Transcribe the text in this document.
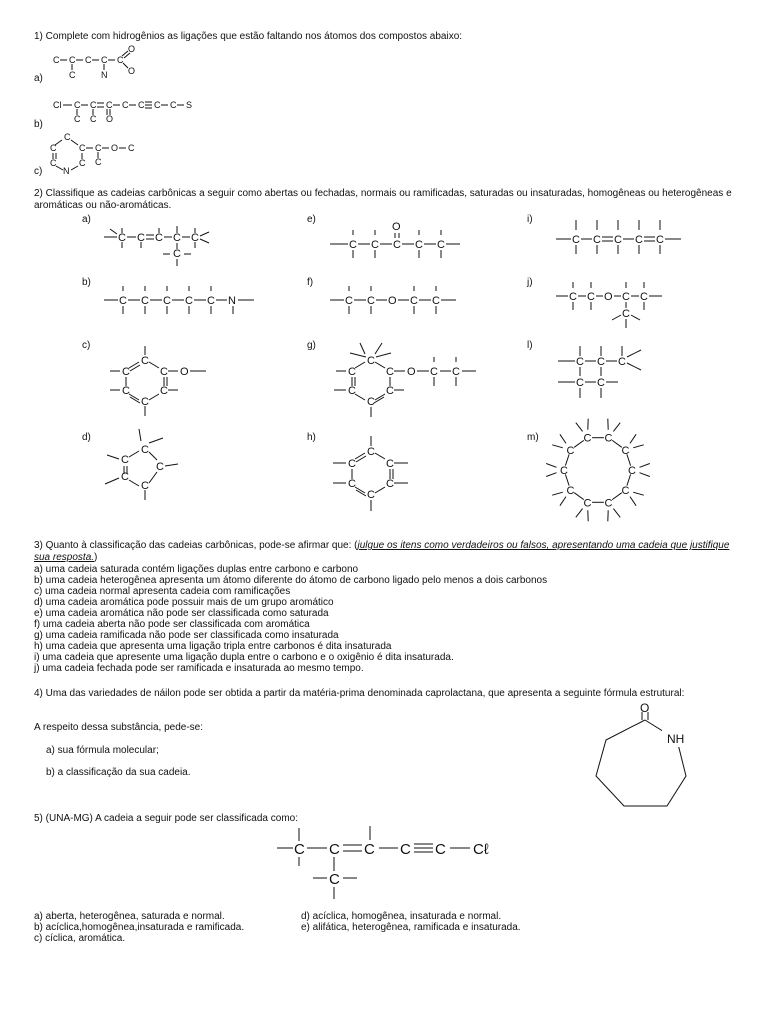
1) Complete com hidrogênios as ligações que estão faltando nos átomos dos compostos abaixo:
a)
b)
c)
C C C C C
O
O
C	N
Cl C C C C C C C S
C C O
C
C	C
C	C
N
C O C
C
2) Classifique as cadeias carbônicas a seguir como abertas ou fechadas, normais ou ramificadas, saturadas ou insaturadas, homogêneas ou heterogêneas e aromáticas ou não-aromáticas.
a)
b)
c)
d)
e)
f)
g)
h)
i)
j)
l)
m)
C C C C
C
C
C C C C C N
C
C	C
C	C
C
O
C
C
C
C
C
C C C C C
O
C C O C C
C
C	C
C	C
C
O C C
C
C	C
C	C
C
C C C C C
C C O C C
C
C C
C C
C
C
C
C
C
C
C
C
C
C
C
3) Quanto à classificação das cadeias carbônicas, pode-se afirmar que: (julgue os itens como verdadeiros ou falsos, apresentando uma cadeia que justifique sua resposta.)
a) uma cadeia saturada contém ligações duplas entre carbono e carbono
b) uma cadeia heterogênea apresenta um átomo diferente do átomo de carbono ligado pelo menos a dois carbonos
c) uma cadeia normal apresenta cadeia com ramificações
d) uma cadeia aromática pode possuir mais de um grupo aromático
e) uma cadeia aromática não pode ser classificada como saturada
f) uma cadeia aberta não pode ser classificada com aromática
g) uma cadeia ramificada não pode ser classificada como insaturada
h) uma cadeia que apresenta uma ligação tripla entre carbonos é dita insaturada
i) uma cadeia que apresente uma ligação dupla entre o carbono e o oxigênio é dita insaturada.
j) uma cadeia fechada pode ser ramificada e insaturada ao mesmo tempo.
4) Uma das variedades de náilon pode ser obtida a partir da matéria-prima denominada caprolactana, que apresenta a seguinte fórmula estrutural:
A respeito dessa substância, pede-se:
a) sua fórmula molecular;
b) a classificação da sua cadeia.
O
NH
5) (UNA-MG) A cadeia a seguir pode ser classificada como:
C C C C C Cℓ
C
a) aberta, heterogênea, saturada e normal.
b) acíclica,homogênea,insaturada e ramificada.
c) cíclica, aromática.
d) acíclica, homogênea, insaturada e normal.
e) alifática, heterogênea, ramificada e insaturada.
